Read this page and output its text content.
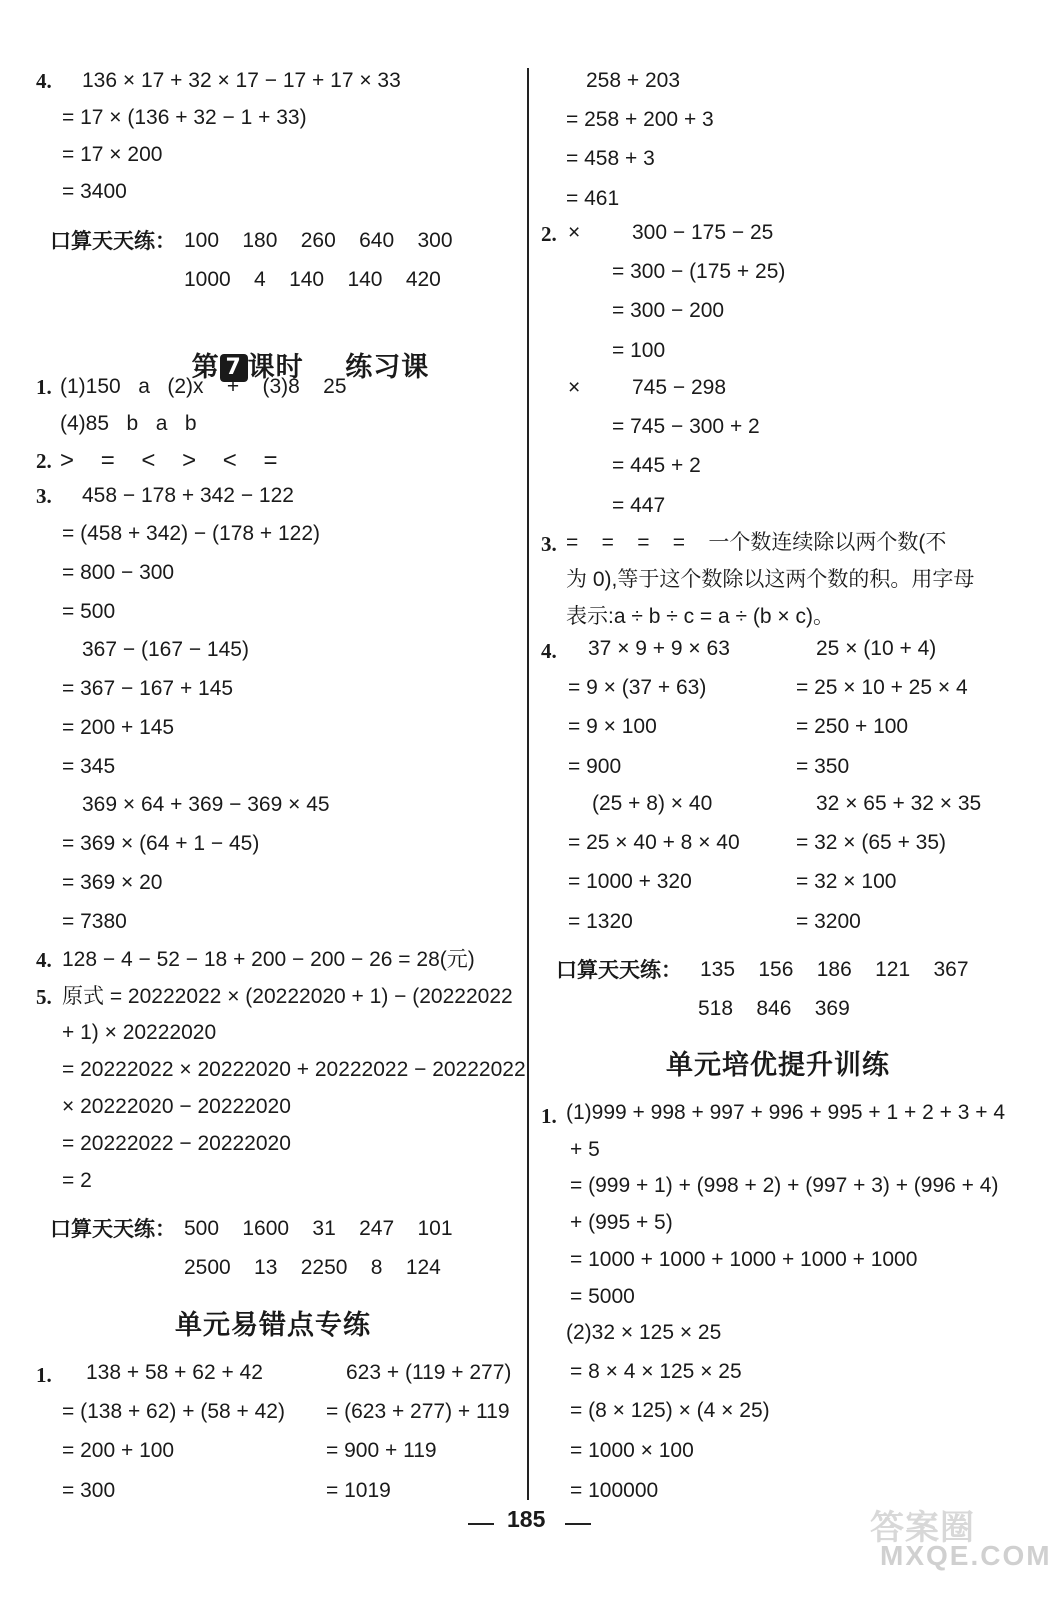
4. 136 × 17 + 32 × 17 − 17 + 17 × 33
= 17 × (136 + 32 − 1 + 33)
= 17 × 200
= 3400
口算天天练： 100    180    260    640    300
1000    4    140    140    420

第 7 课时    练习课

1. (1)150   a   (2)x    +    (3)8    25
(4)85   b   a   b
2. >    =    <    >    <    =
3. 458 − 178 + 342 − 122
= (458 + 342) − (178 + 122)
= 800 − 300
= 500
367 − (167 − 145)
= 367 − 167 + 145
= 200 + 145
= 345
369 × 64 + 369 − 369 × 45
= 369 × (64 + 1 − 45)
= 369 × 20
= 7380
4. 128 − 4 − 52 − 18 + 200 − 200 − 26 = 28(元)
5. 原式 = 20222022 × (20222020 + 1) − (20222022
+ 1) × 20222020
= 20222022 × 20222020 + 20222022 − 20222022
× 20222020 − 20222020
= 20222022 − 20222020
= 2
口算天天练： 500    1600    31    247    101
2500    13    2250    8    124
单元易错点专练
1. 138 + 58 + 62 + 42
= (138 + 62) + (58 + 42)
= 200 + 100
= 300
623 + (119 + 277)
= (623 + 277) + 119
= 900 + 119
= 1019
258 + 203
= 258 + 200 + 3
= 458 + 3
= 461
2. × 300 − 175 − 25
= 300 − (175 + 25)
= 300 − 200
= 100
× 745 − 298
= 745 − 300 + 2
= 445 + 2
= 447
3. =    =    =    =    一个数连续除以两个数(不
为 0),等于这个数除以这两个数的积。用字母
表示:a ÷ b ÷ c = a ÷ (b × c)。
4. 37 × 9 + 9 × 63
= 9 × (37 + 63)
= 9 × 100
= 900
25 × (10 + 4)
= 25 × 10 + 25 × 4
= 250 + 100
= 350
(25 + 8) × 40
= 25 × 40 + 8 × 40
= 1000 + 320
= 1320
32 × 65 + 32 × 35
= 32 × (65 + 35)
= 32 × 100
= 3200
口算天天练： 135    156    186    121    367
518    846    369
单元培优提升训练
1. (1)999 + 998 + 997 + 996 + 995 + 1 + 2 + 3 + 4
+ 5
= (999 + 1) + (998 + 2) + (997 + 3) + (996 + 4)
+ (995 + 5)
= 1000 + 1000 + 1000 + 1000 + 1000
= 5000
(2)32 × 125 × 25
= 8 × 4 × 125 × 25
= (8 × 125) × (4 × 25)
= 1000 × 100
= 100000
185	答案圈
MXQE.COM
